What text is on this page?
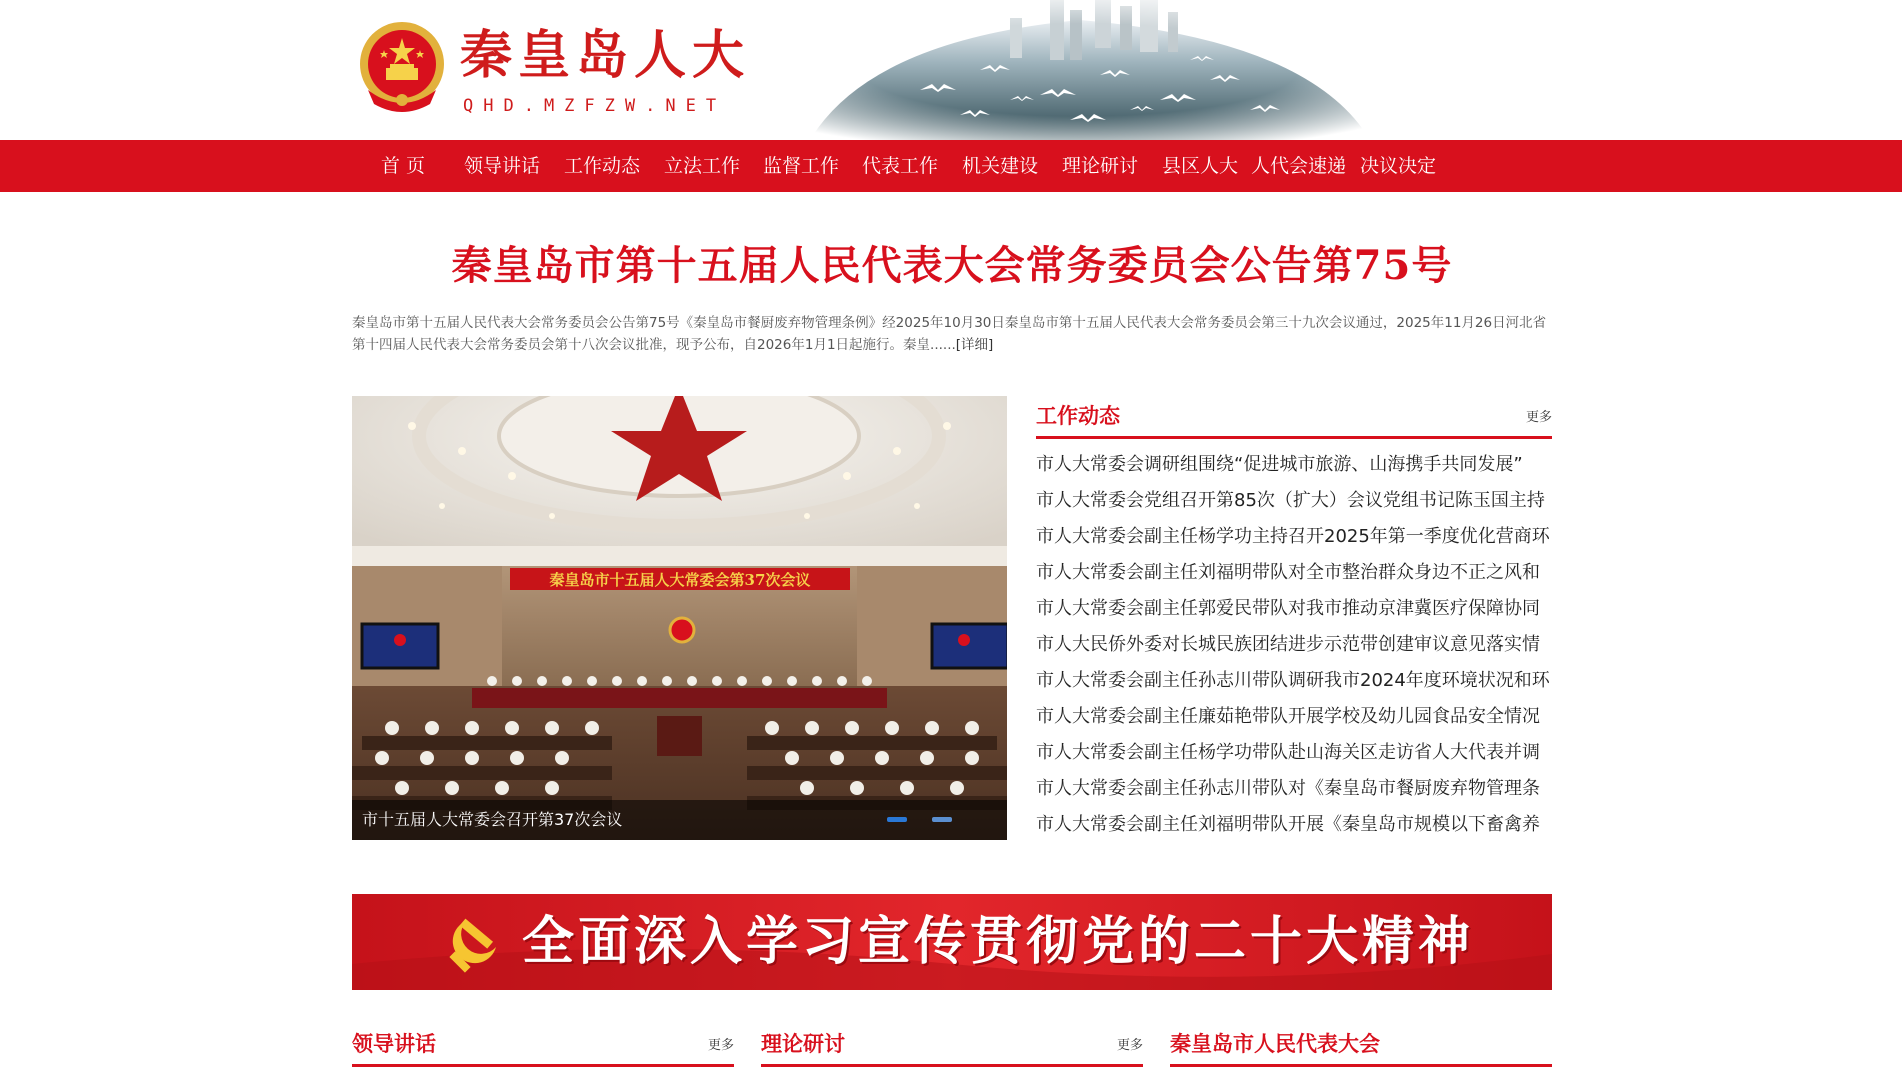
秦皇岛人大
QHD.MZFZW.NET
首 页 领导讲话 工作动态 立法工作 监督工作 代表工作 机关建设 理论研讨 县区人大 人代会速递 决议决定
秦皇岛市第十五届人民代表大会常务委员会公告第75号
秦皇岛市第十五届人民代表大会常务委员会公告第75号《秦皇岛市餐厨废弃物管理条例》经2025年10月30日秦皇岛市第十五届人民代表大会常务委员会第三十九次会议通过，2025年11月26日河北省第十四届人民代表大会常务委员会第十八次会议批准，现予公布，自2026年1月1日起施行。秦皇......[详细]
秦皇岛市十五届人大常委会第37次会议
市十五届人大常委会召开第37次会议
工作动态	更多
市人大常委会调研组围绕“促进城市旅游、山海携手共同发展”
市人大常委会党组召开第85次（扩大）会议党组书记陈玉国主持
市人大常委会副主任杨学功主持召开2025年第一季度优化营商环
市人大常委会副主任刘福明带队对全市整治群众身边不正之风和
市人大常委会副主任郭爱民带队对我市推动京津冀医疗保障协同
市人大民侨外委对长城民族团结进步示范带创建审议意见落实情
市人大常委会副主任孙志川带队调研我市2024年度环境状况和环
市人大常委会副主任廉茹艳带队开展学校及幼儿园食品安全情况
市人大常委会副主任杨学功带队赴山海关区走访省人大代表并调
市人大常委会副主任孙志川带队对《秦皇岛市餐厨废弃物管理条
市人大常委会副主任刘福明带队开展《秦皇岛市规模以下畜禽养
全面深入学习宣传贯彻党的二十大精神
领导讲话	更多 理论研讨	更多 秦皇岛市人民代表大会
